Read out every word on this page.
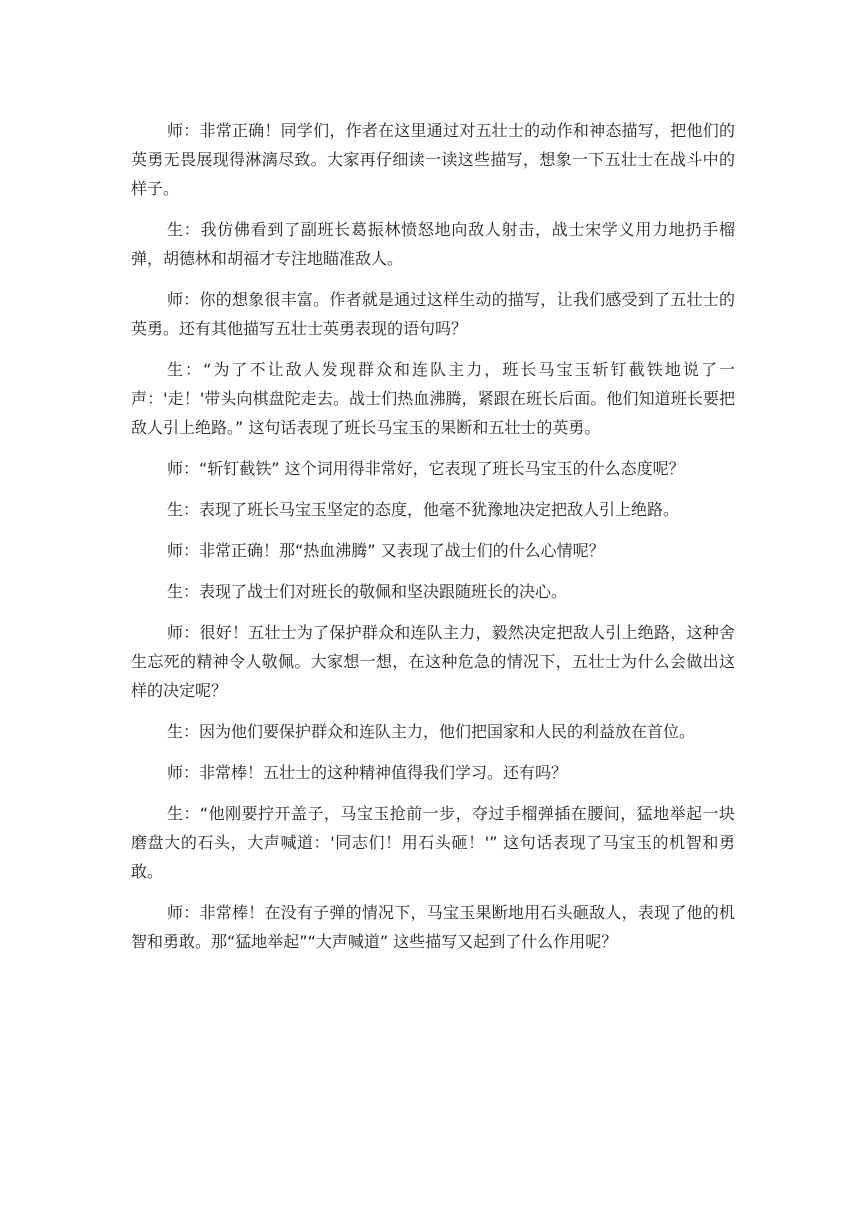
师：非常正确！同学们，作者在这里通过对五壮士的动作和神态描写，把他们的英勇无畏展现得淋漓尽致。大家再仔细读一读这些描写，想象一下五壮士在战斗中的样子。

生：我仿佛看到了副班长葛振林愤怒地向敌人射击，战士宋学义用力地扔手榴弹，胡德林和胡福才专注地瞄准敌人。

师：你的想象很丰富。作者就是通过这样生动的描写，让我们感受到了五壮士的英勇。还有其他描写五壮士英勇表现的语句吗？

生：“为了不让敌人发现群众和连队主力，班长马宝玉斩钉截铁地说了一声：'走！'带头向棋盘陀走去。战士们热血沸腾，紧跟在班长后面。他们知道班长要把敌人引上绝路。” 这句话表现了班长马宝玉的果断和五壮士的英勇。

师：“斩钉截铁” 这个词用得非常好，它表现了班长马宝玉的什么态度呢？

生：表现了班长马宝玉坚定的态度，他毫不犹豫地决定把敌人引上绝路。

师：非常正确！那“热血沸腾” 又表现了战士们的什么心情呢？

生：表现了战士们对班长的敬佩和坚决跟随班长的决心。

师：很好！五壮士为了保护群众和连队主力，毅然决定把敌人引上绝路，这种舍生忘死的精神令人敬佩。大家想一想，在这种危急的情况下，五壮士为什么会做出这样的决定呢？

生：因为他们要保护群众和连队主力，他们把国家和人民的利益放在首位。

师：非常棒！五壮士的这种精神值得我们学习。还有吗？

生：“他刚要拧开盖子，马宝玉抢前一步，夺过手榴弹插在腰间，猛地举起一块磨盘大的石头，大声喊道：'同志们！用石头砸！'” 这句话表现了马宝玉的机智和勇敢。

师：非常棒！在没有子弹的情况下，马宝玉果断地用石头砸敌人，表现了他的机智和勇敢。那“猛地举起”“大声喊道” 这些描写又起到了什么作用呢？
